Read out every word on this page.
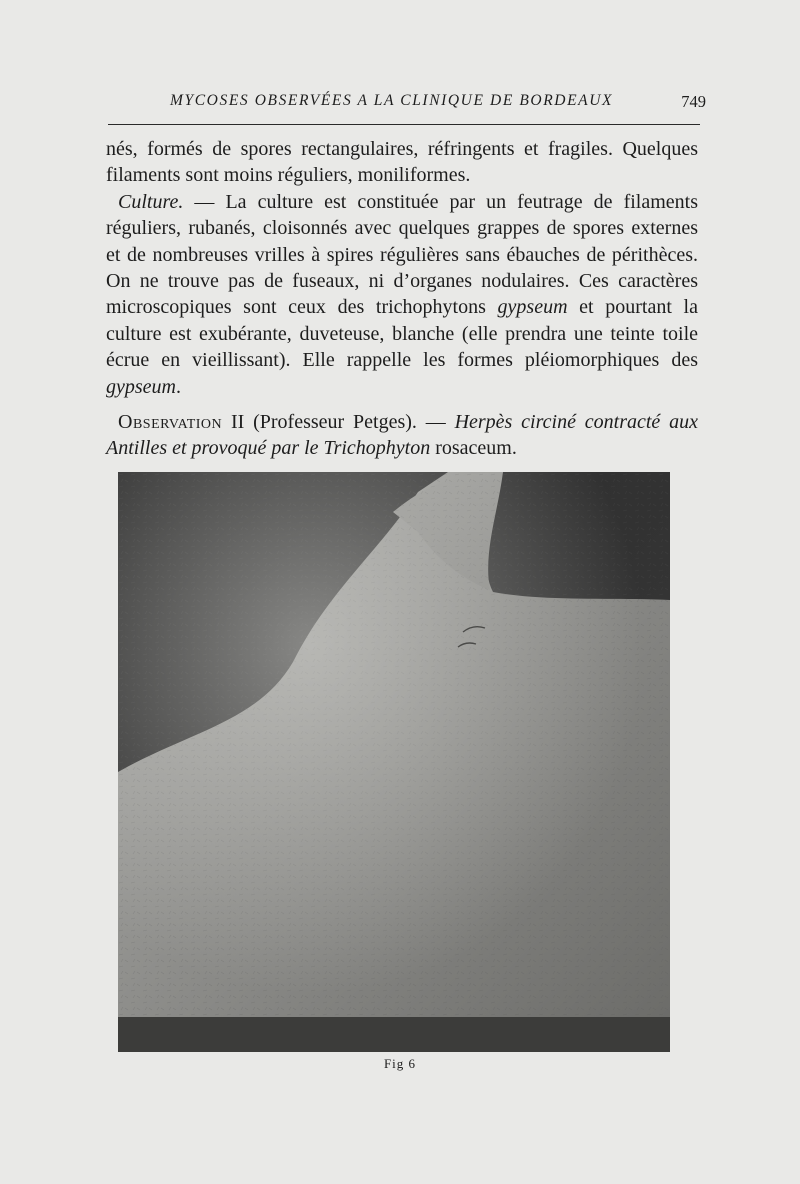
MYCOSES OBSERVÉES A LA CLINIQUE DE BORDEAUX	749

nés, formés de spores rectangulaires, réfringents et fragiles. Quelques filaments sont moins réguliers, moniliformes.

Culture. — La culture est constituée par un feutrage de filaments réguliers, rubanés, cloisonnés avec quelques grappes de spores externes et de nombreuses vrilles à spires régulières sans ébauches de périthèces. On ne trouve pas de fuseaux, ni d’organes nodulaires. Ces caractères microscopiques sont ceux des trichophytons gypseum et pourtant la culture est exubérante, duveteuse, blanche (elle prendra une teinte toile écrue en vieillissant). Elle rappelle les formes pléiomorphiques des gypseum.

Observation II (Professeur Petges). — Herpès circiné contracté aux Antilles et provoqué par le Trichophyton rosaceum.

Fig 6
